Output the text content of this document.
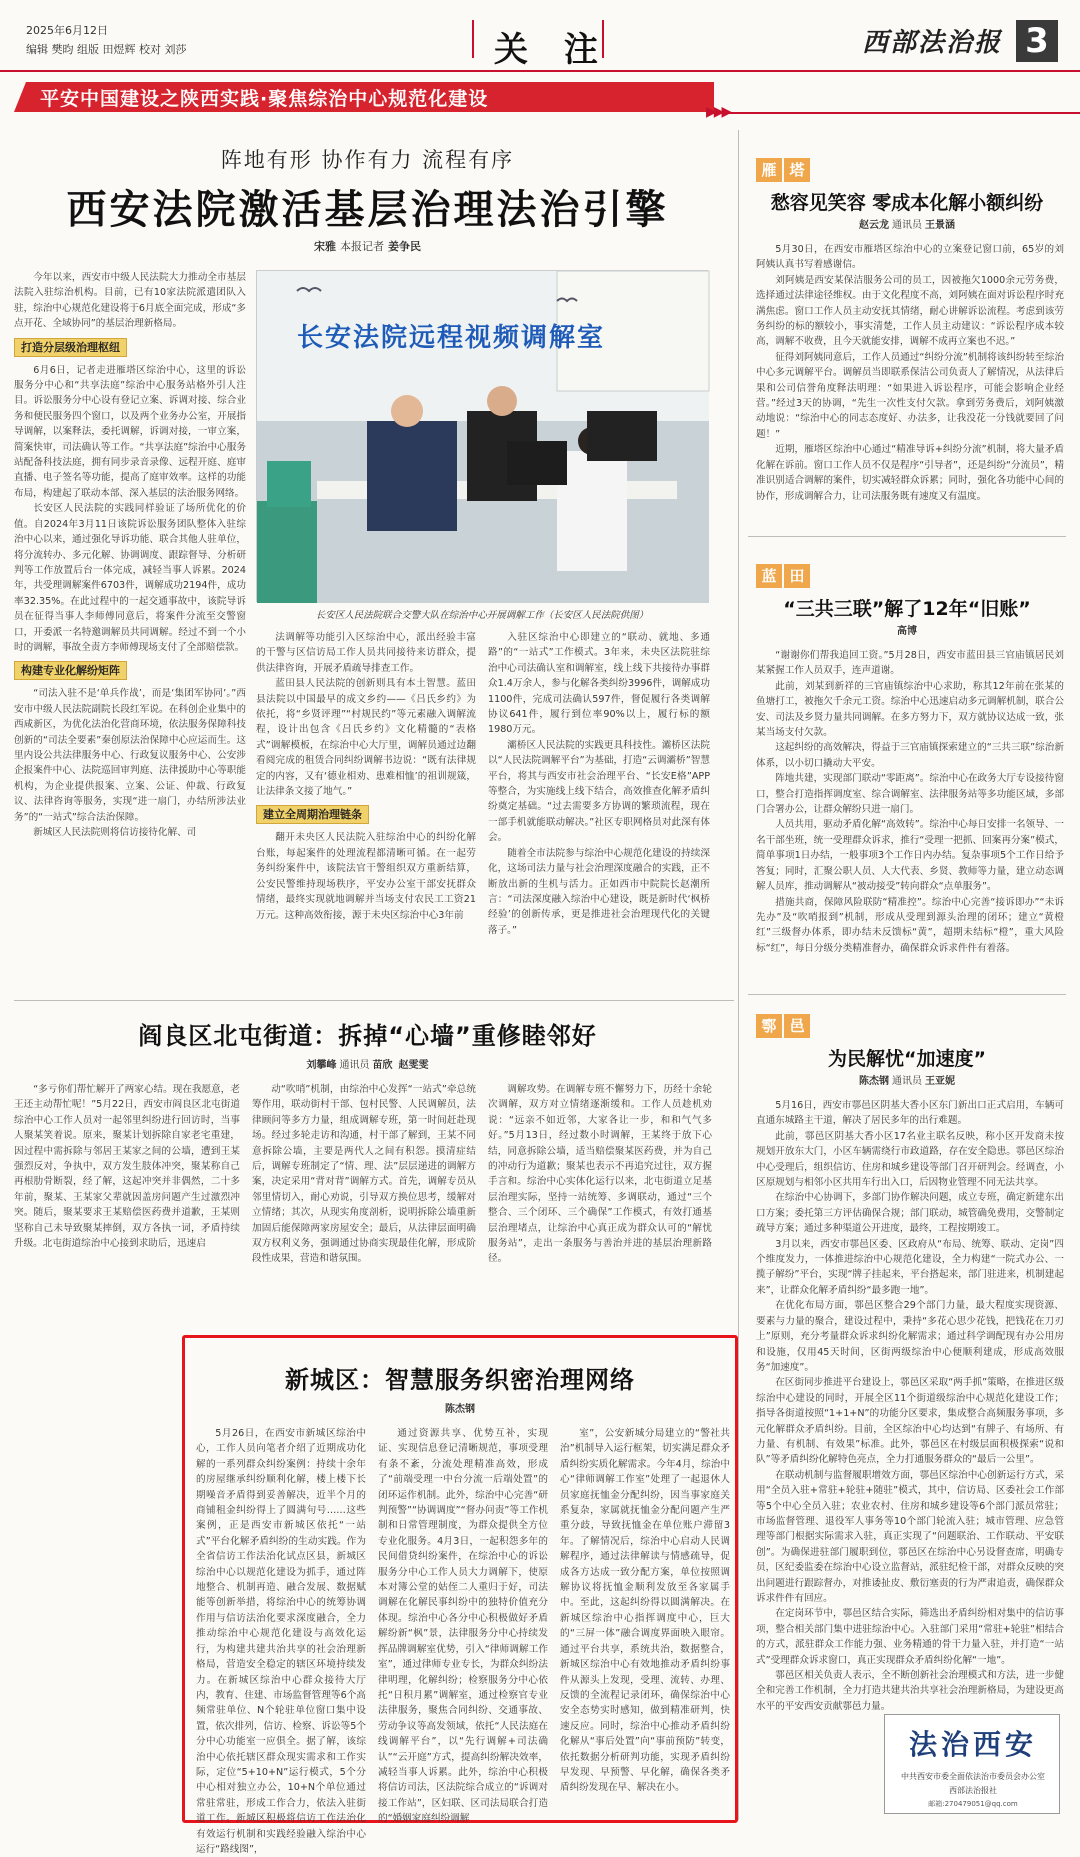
2025年6月12日
编辑 樊昀 组版 田煜辉 校对 刘莎	关 注	西部法治报 3
平安中国建设之陕西实践·聚焦综治中心规范化建设
▶▶▶
阵地有形 协作有力 流程有序
西安法院激活基层治理法治引擎
宋雅 本报记者 姜争民

今年以来，西安市中级人民法院大力推动全市基层法院入驻综治机构。目前，已有10家法院派遣团队入驻，综治中心规范化建设将于6月底全面完成，形成“多点开花、全域协同”的基层治理新格局。

打造分层级治理枢纽

6月6日，记者走进雁塔区综治中心，这里的诉讼服务分中心和“共享法庭”综治中心服务站格外引人注目。诉讼服务分中心设有登记立案、诉调对接、综合业务和便民服务四个窗口，以及两个业务办公室，开展指导调解，以案释法，委托调解，诉调对接，一审立案，简案快审，司法确认等工作。“共享法庭”综治中心服务站配备科技法庭，拥有同步录音录像、远程开庭、庭审直播、电子签名等功能，提高了庭审效率。这样的功能布局，构建起了联动本部、深入基层的法治服务网络。

长安区人民法院的实践同样验证了场所优化的价值。自2024年3月11日该院诉讼服务团队整体入驻综治中心以来，通过强化导诉功能、联合其他人驻单位，将分流转办、多元化解、协调调度、跟踪督导、分析研判等工作放置后台一体完成，减轻当事人诉累。2024年，共受理调解案件6703件，调解成功2194件，成功率32.35%。在此过程中的一起交通事故中，该院导诉员在征得当事人李师傅同意后，将案件分流至交警窗口，开委派一名特邀调解员共同调解。经过不到一个小时的调解，事故全责方李师傅现场支付了全部赔偿款。

构建专业化解纷矩阵

“司法入驻不是‘单兵作战’，而是‘集团军协同’。”西安市中级人民法院副院长段红军说。在科创企业集中的西咸新区，为优化法治化营商环境，依法服务保障科技创新的“司法全要素”秦创原法治保障中心应运而生。这里内设公共法律服务中心、行政复议服务中心、公安涉企报案件中心、法院巡回审判庭、法律援助中心等职能机构，为企业提供报案、立案、公证、仲裁、行政复议、法律咨询等服务，实现“进一扇门，办结所涉法业务”的“一站式”综合法治保障。

新城区人民法院则将信访接待化解、司

长安法院远程视频调解室
长安区人民法院联合交警大队在综治中心开展调解工作（长安区人民法院供图）

法调解等功能引入区综治中心，派出经验丰富的干警与区信访局工作人员共同接待来访群众，提供法律咨询，开展矛盾疏导排查工作。

蓝田县人民法院的创新则具有本土智慧。蓝田县法院以中国最早的成文乡约——《吕氏乡约》为依托，将“乡贤评理”“村规民约”等元素融入调解流程，设计出包含《吕氏乡约》文化精髓的“表格式”调解模板，在综治中心大厅里，调解员通过边翻看阅完成的租赁合同纠纷调解书边说：“既有法律规定的内容，又有‘德业相劝、患难相恤’的祖训规箴，让法律条文接了地气。”

建立全周期治理链条

翻开未央区人民法院入驻综治中心的纠纷化解台账，每起案件的处理流程都清晰可循。在一起劳务纠纷案件中，该院法官干警组织双方重新结算，公安民警维持现场秩序，平安办公室干部安抚群众情绪，最终实现就地调解并当场支付农民工工资21万元。这种高效衔接，源于未央区综治中心3年前

入驻区综治中心即建立的“联动、就地、多通路”的“一站式”工作模式。3年来，未央区法院驻综治中心司法确认室和调解室，线上线下共接待办事群众1.4万余人，参与化解各类纠纷3996件，调解成功1100件，完成司法确认597件，督促履行各类调解协议641件，履行到位率90%以上，履行标的额1980万元。

灞桥区人民法院的实践更具科技性。灞桥区法院以“人民法院调解平台”为基础，打造“云调灞桥”智慧平台，将其与西安市社会治理平台、“长安E格”APP等整合，为实施线上线下结合，高效推查化解矛盾纠纷奠定基础。“过去需要多方协调的繁琐流程，现在一部手机就能联动解决。”社区专职网格员对此深有体会。

随着全市法院参与综治中心规范化建设的持续深化，这场司法力量与社会治理深度融合的实践，正不断放出新的生机与活力。正如西市中院院长赵潮所言：“司法深度融入综治中心建设，既是新时代‘枫桥经验’的创新传承，更是推进社会治理现代化的关键落子。”

雁 塔
愁容见笑容 零成本化解小额纠纷
赵云龙 通讯员 王景涵

5月30日，在西安市雁塔区综治中心的立案登记窗口前，65岁的刘阿姨认真书写着感谢信。

刘阿姨是西安某保洁服务公司的员工，因被拖欠1000余元劳务费，选择通过法律途径维权。由于文化程度不高，刘阿姨在面对诉讼程序时充满焦虑。窗口工作人员主动安抚其情绪，耐心讲解诉讼流程。考虑到该劳务纠纷的标的额较小，事实清楚，工作人员主动建议：“诉讼程序成本较高，调解不收费，且今天就能安排，调解不成再立案也不迟。”

征得刘阿姨同意后，工作人员通过“纠纷分流”机制将该纠纷转至综治中心多元调解平台。调解员当即联系保洁公司负责人了解情况，从法律后果和公司信誉角度释法明理：“如果进入诉讼程序，可能会影响企业经营。”经过3天的协调，“先生一次性支付欠款。拿到劳务费后，刘阿姨激动地说：“综治中心的同志态度好、办法多，让我没花一分钱就要回了问题！”

近期，雁塔区综治中心通过“精准导诉+纠纷分流”机制，将大量矛盾化解在诉前。窗口工作人员不仅是程序“引导者”，还是纠纷“分流员”，精准识别适合调解的案件，切实减轻群众诉累；同时，强化各功能中心间的协作，形成调解合力，让司法服务既有速度又有温度。

蓝 田
“三共三联”解了12年“旧账”
高博

“谢谢你们帮我追回工资。”5月28日，西安市蓝田县三官庙镇居民刘某紧握工作人员双手，连声道谢。

此前，刘某到新祥的三官庙镇综治中心求助，称其12年前在张某的鱼塘打工，被拖欠千余元工资。综治中心迅速启动多元调解机制，联合公安、司法及乡贤力量共同调解。在多方努力下，双方就协议达成一致，张某当场支付欠款。

这起纠纷的高效解决，得益于三官庙镇探索建立的“三共三联”综治新体系，以小切口撬动大平安。

阵地共建，实现部门联动“零距离”。综治中心在政务大厅专设接待窗口，整合打造指挥调度室、综合调解室、法律服务站等多功能区域，多部门合署办公，让群众解纷只进一扇门。

人员共用，驱动矛盾化解“高效转”。综治中心每日安排一名领导、一名干部坐班，统一受理群众诉求，推行“受理一把抓、回案再分案”模式，简单事项1日办结，一般事项3个工作日内办结。复杂事项5个工作日给予答复；同时，汇聚公职人员、人大代表、乡贤、教师等力量，建立动态调解人员库，推动调解从“被动接受”转向群众“点单服务”。

措施共商，保障风险联防“精准控”。综治中心完善“接诉即办”“未诉先办”及“吹哨报到”机制，形成从受理到源头治理的闭环；建立“黄橙红”三级督办体系，即办结未反馈标“黄”，超期未结标“橙”，重大风险标“红”，每日分级分类精准督办，确保群众诉求件件有着落。

鄠 邑
为民解忧“加速度”
陈杰钢 通讯员 王亚妮

5月16日，西安市鄠邑区阴基大香小区东门新出口正式启用，车辆可直通东城路主干道，解决了居民多年的出行难题。

此前，鄠邑区阴基大香小区17名业主联名反映，称小区开发商未按规划开放东大门，小区车辆需绕行市政道路，存在安全隐患。鄠邑区综治中心受理后，组织信访、住房和城乡建设等部门召开研判会。经调查，小区原规划与相邻小区共用车行出入口，后因物业管理不同无法共享。

在综治中心协调下，多部门协作解决问题，成立专班，确定新建东出口方案；委托第三方评估确保合规；部门联动，城管确免费用，交警制定疏导方案；通过多种渠道公开进度，最终，工程按期竣工。

3月以来，西安市鄠邑区委、区政府从“布局、统筹、联动、定岗”四个维度发力，一体推进综治中心规范化建设，全力构建“一院式办公、一揽子解纷”平台，实现“牌子挂起来，平台搭起来，部门驻进来，机制建起来”，让群众化解矛盾纠纷“最多跑一地”。

在优化布局方面，鄠邑区整合29个部门力量，最大程度实现资源、要素与力量的聚合，建设过程中，秉持“多花心思少花钱，把钱花在刀刃上”原则，充分考量群众诉求纠纷化解需求；通过科学调配现有办公用房和设施，仅用45天时间，区街两级综治中心便顺利建成，形成高效服务“加速度”。

在区街同步推进平台建设上，鄠邑区采取“两手抓”策略，在推进区级综治中心建设的同时，开展全区11个街道级综治中心规范化建设工作；指导各街道按照“1+1+N”的功能分区要求，集成整合高频服务事项，多元化解群众矛盾纠纷。目前，全区综治中心均达到“有牌子、有场所、有力量、有机制、有效果”标准。此外，鄠邑区在村级层面积极探索“说和队”等矛盾纠纷化解特色亮点，全力打通服务群众的“最后一公里”。

在联动机制与监督履职增效方面，鄠邑区综治中心创新运行方式，采用“全员入驻+常驻+轮驻+随驻”模式，其中，信访局、区委社会工作部等5个中心全员入驻；农业农村、住房和城乡建设等6个部门派员常驻；市场监督管理、退役军人事务等10个部门轮流入驻；城市管理、应急管理等部门根据实际需求入驻，真正实现了“问题联治、工作联动、平安联创”。为确保进驻部门履职到位，鄠邑区在综治中心另设督查席，明确专员，区纪委监委在综治中心设立监督站，派驻纪检干部，对群众反映的突出问题进行跟踪督办，对推诿扯皮、敷衍塞责的行为严肃追责，确保群众诉求件件有回应。

在定岗环节中，鄠邑区结合实际，筛选出矛盾纠纷相对集中的信访事项，整合相关部门集中进驻综治中心。入驻部门采用“常驻+轮驻”相结合的方式，派驻群众工作能力强、业务精通的骨干力量入驻，并打造“一站式”受理群众诉求窗口，真正实现群众矛盾纠纷化解“一地”。

鄠邑区相关负责人表示，全不断创新社会治理模式和方法，进一步健全和完善工作机制，全力打造共建共治共享社会治理新格局，为建设更高水平的平安西安贡献鄠邑力量。

阎良区北屯街道：拆掉“心墙”重修睦邻好
刘攀峰 通讯员 苗欣 赵雯雯

“多亏你们帮忙解开了两家心结。现在我愿意，老王还主动帮忙呢！”5月22日，西安市阎良区北屯街道综治中心工作人员对一起邻里纠纷进行回访时，当事人聚某笑着说。原来，聚某计划拆除自家老宅重建，因过程中需拆除与邻居王某家之间的公墙，遭到王某强烈反对，争执中，双方发生肢体冲突，聚某称自己再根肋骨断裂，经了解，这起冲突并非偶然，二十多年前，聚某、王某家父辈就因盖房问题产生过激烈冲突。随后，聚某要求王某赔偿医药费并道歉，王某则坚称自己未导致聚某摔倒，双方各执一词，矛盾持续升级。北屯街道综治中心接到求助后，迅速启

动“吹哨”机制，由综治中心发挥“一站式”牵总统筹作用，联动街村干部、包村民警、人民调解员，法律顾问等多方力量，组成调解专班，第一时间赶赴现场。经过多轮走访和沟通，村干部了解到，王某不同意拆除公墙，主要是两代人之间有积怨。摸清症结后，调解专班制定了“情、理、法”层层递进的调解方案，决定采用“背对背”调解方式。首先，调解专员从邻里情切入，耐心劝说，引导双方换位思考，缓解对立情绪；其次，从现实角度剖析，说明拆除公墙重新加固后能保障两家房屋安全；最后，从法律层面明确双方权利义务，强调通过协商实现最佳化解，形成阶段性成果，营造和谐氛围。

调解攻势。在调解专班不懈努力下，历经十余轮次调解，双方对立情绪逐渐缓和。工作人员趁机劝说：“远亲不如近邻，大家各让一步，和和气气多好。”5月13日，经过数小时调解，王某终于放下心结，同意拆除公墙，适当赔偿聚某医药费，并为自己的冲动行为道歉；聚某也表示不再追究过往，双方握手言和。综治中心实体化运行以来，北屯街道立足基层治理实际，坚持一站统筹、多调联动，通过“三个整合、三个闭环、三个确保”工作模式，有效打通基层治理堵点，让综治中心真正成为群众认可的“解忧服务站”，走出一条服务与善治并进的基层治理新路径。

新城区：智慧服务织密治理网络
陈杰钢

5月26日，在西安市新城区综治中心，工作人员向笔者介绍了近期成功化解的一系列群众纠纷案例：持续十余年的房屋继承纠纷顺利化解，楼上楼下长期噪音矛盾得到妥善解决，近半个月的商铺租金纠纷得上了圆满句号……这些案例，正是西安市新城区依托“一站式”平台化解矛盾纠纷的生动实践。作为全省信访工作法治化试点区县，新城区综治中心以规范化建设为抓手，通过阵地整合、机制再造、融合发展、数据赋能等创新举措，将综治中心的统筹协调作用与信访法治化要求深度融合，全力推动综治中心规范化建设与高效化运行，为构建共建共治共享的社会治理新格局，营造安全稳定的辖区环境持续发力。在新城区综治中心群众接待大厅内，教育、住建、市场监督管理等6个高频常驻单位、N个轮驻单位窗口集中设置，依次排列，信访、检察、诉讼等5个分中心功能室一应俱全。据了解，该综治中心依托辖区群众现实需求和工作实际，定位“5+10+N”运行模式，5个分中心相对独立办公，10+N个单位通过常驻常驻，形成工作合力，依法入驻街道工作。新城区积极将信访工作法治化有效运行机制和实践经验融入综治中心运行“路线图”，

通过资源共享、优势互补，实现证、实现信息登记清晰规范，事项受理有条不紊，分流处理精准高效，形成了“前端受理一中台分流一后端处置”的闭环运作机制。此外，综治中心完善“研判预警”“协调调度”“督办问责”等工作机制和日常管理制度，为群众提供全方位专业化服务。4月3日，一起积怨多年的民间借贷纠纷案件，在综治中心的诉讼服务分中心工作人员大力调解下，使原本对簿公堂的姑侄二人重归于好，司法调解在化解民事纠纷中的独特价值充分体现。综治中心各分中心积极做好矛盾解纷新“枫”景，法律服务分中心持续发挥品牌调解室优势，引入“律师调解工作室”，通过律师专业专长，为群众纠纷法律明理，化解纠纷；检察服务分中心依托“日积月累”调解室，通过检察官专业法律服务，聚焦合同纠纷、交通事故、劳动争议等高发领域，依托“人民法庭在线调解平台”，以“先行调解+司法确认”“云开庭”方式，提高纠纷解决效率，减轻当事人诉累。此外，综治中心积极将信访司法，区法院综合成立的“诉调对接工作站”，区妇联、区司法局联合打造的“婚姻家庭纠纷调解

室”，公安新城分局建立的“警社共治”机制导入运行框架，切实满足群众矛盾纠纷实质化解需求。今年4月，综治中心“律师调解工作室”处理了一起退休人员家庭抚恤金分配纠纷，因当事家庭关系复杂，家属就抚恤金分配问题产生严重分歧，导致抚恤金在单位账户滞留3年。了解情况后，综治中心启动人民调解程序，通过法律解读与情感疏导，促成各方达成一致分配方案，单位按照调解协议将抚恤金顺利发放至各家属手中。至此，这起纠纷得以圆满解决。在新城区综治中心指挥调度中心，巨大的“三屏一体”融合调度界面映入眼帘。通过平台共享，系统共治，数据整合，新城区综治中心有效地推动矛盾纠纷事件从源头上发现，受理、流转、办理、反馈的全流程记录闭环，确保综治中心安全态势实时感知，做到精准研判，快速反应。同时，综治中心推动矛盾纠纷化解从“事后处置”向“事前预防”转变，依托数据分析研判功能，实现矛盾纠纷早发现、早预警、早化解，确保各类矛盾纠纷发现在早、解决在小。

法治西安
中共西安市委全面依法治市委员会办公室
西部法治报社
邮箱:270479051@qq.com
